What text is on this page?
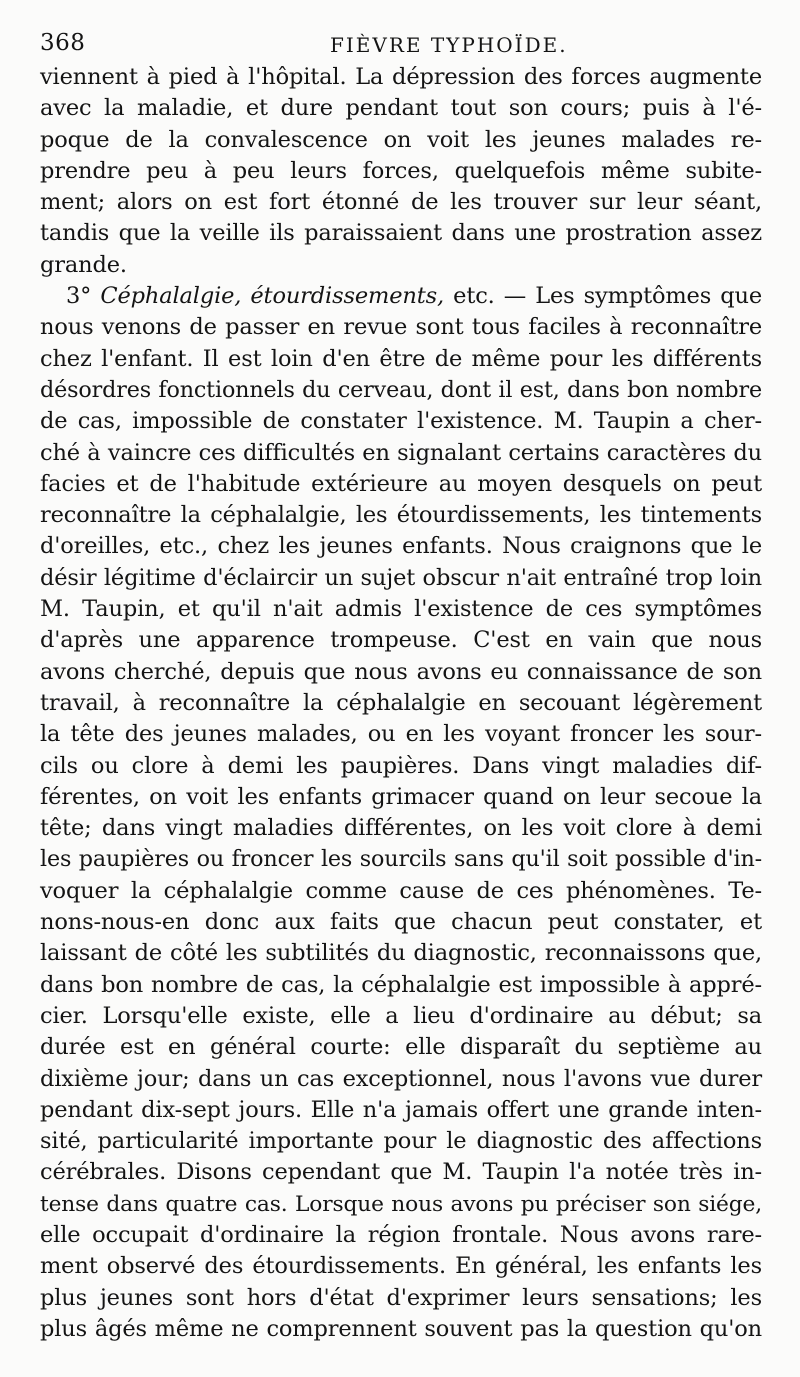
368	FIÈVRE TYPHOÏDE.
viennent à pied à l'hôpital. La dépression des forces augmente
avec la maladie, et dure pendant tout son cours; puis à l'é-
poque de la convalescence on voit les jeunes malades re-
prendre peu à peu leurs forces, quelquefois même subite-
ment; alors on est fort étonné de les trouver sur leur séant,
tandis que la veille ils paraissaient dans une prostration assez
grande.
3° Céphalalgie, étourdissements, etc. — Les symptômes que
nous venons de passer en revue sont tous faciles à reconnaître
chez l'enfant. Il est loin d'en être de même pour les différents
désordres fonctionnels du cerveau, dont il est, dans bon nombre
de cas, impossible de constater l'existence. M. Taupin a cher-
ché à vaincre ces difficultés en signalant certains caractères du
facies et de l'habitude extérieure au moyen desquels on peut
reconnaître la céphalalgie, les étourdissements, les tintements
d'oreilles, etc., chez les jeunes enfants. Nous craignons que le
désir légitime d'éclaircir un sujet obscur n'ait entraîné trop loin
M. Taupin, et qu'il n'ait admis l'existence de ces symptômes
d'après une apparence trompeuse. C'est en vain que nous
avons cherché, depuis que nous avons eu connaissance de son
travail, à reconnaître la céphalalgie en secouant légèrement
la tête des jeunes malades, ou en les voyant froncer les sour-
cils ou clore à demi les paupières. Dans vingt maladies dif-
férentes, on voit les enfants grimacer quand on leur secoue la
tête; dans vingt maladies différentes, on les voit clore à demi
les paupières ou froncer les sourcils sans qu'il soit possible d'in-
voquer la céphalalgie comme cause de ces phénomènes. Te-
nons-nous-en donc aux faits que chacun peut constater, et
laissant de côté les subtilités du diagnostic, reconnaissons que,
dans bon nombre de cas, la céphalalgie est impossible à appré-
cier. Lorsqu'elle existe, elle a lieu d'ordinaire au début; sa
durée est en général courte: elle disparaît du septième au
dixième jour; dans un cas exceptionnel, nous l'avons vue durer
pendant dix-sept jours. Elle n'a jamais offert une grande inten-
sité, particularité importante pour le diagnostic des affections
cérébrales. Disons cependant que M. Taupin l'a notée très in-
tense dans quatre cas. Lorsque nous avons pu préciser son siége,
elle occupait d'ordinaire la région frontale. Nous avons rare-
ment observé des étourdissements. En général, les enfants les
plus jeunes sont hors d'état d'exprimer leurs sensations; les
plus âgés même ne comprennent souvent pas la question qu'on
